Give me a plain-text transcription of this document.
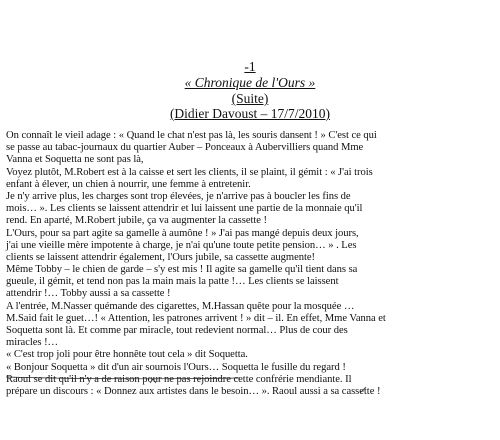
-1
« Chronique de l'Ours »
(Suite)
(Didier Davoust – 17/7/2010)
On connaît le vieil adage : « Quand le chat n'est pas là, les souris dansent ! » C'est ce qui
se passe au tabac-journaux du quartier Auber – Ponceaux à Aubervilliers quand Mme
Vanna et Soquetta ne sont pas là,
Voyez plutôt, M.Robert est à la caisse et sert les clients, il se plaint, il gémit : « J'ai trois
enfant à élever, un chien à nourrir, une femme à entretenir.
Je n'y arrive plus, les charges sont trop élevées, je n'arrive pas à boucler les fins de
mois… ». Les clients se laissent attendrir et lui laissent une partie de la monnaie qu'il
rend. En aparté, M.Robert jubile, ça va augmenter la cassette !
L'Ours, pour sa part agite sa gamelle à aumône ! » J'ai pas mangé depuis deux jours,
j'ai une vieille mère impotente à charge, je n'ai qu'une toute petite pension… » . Les
clients se laissent attendrir également, l'Ours jubile, sa cassette augmente!
Même Tobby – le chien de garde – s'y est mis ! Il agite sa gamelle qu'il tient dans sa
gueule, il gémit, et tend non pas la main mais la patte !… Les clients se laissent
attendrir !… Tobby aussi a sa cassette !
A l'entrée, M.Nasser quémande des cigarettes, M.Hassan quête pour la mosquée …
M.Said fait le guet…! « Attention, les patrones arrivent ! » dit – il. En effet, Mme Vanna et
Soquetta sont là. Et comme par miracle, tout redevient normal… Plus de cour des
miracles !…
« C'est trop joli pour être honnête tout cela » dit Soquetta.
« Bonjour Soquetta » dit d'un air sournois l'Ours… Soquetta le fusille du regard !
Raoul se dit qu'il n'y a de raison pour ne pas rejoindre cette confrérie mendiante. Il
prépare un discours : « Donnez aux artistes dans le besoin… ». Raoul aussi a sa cassette !
